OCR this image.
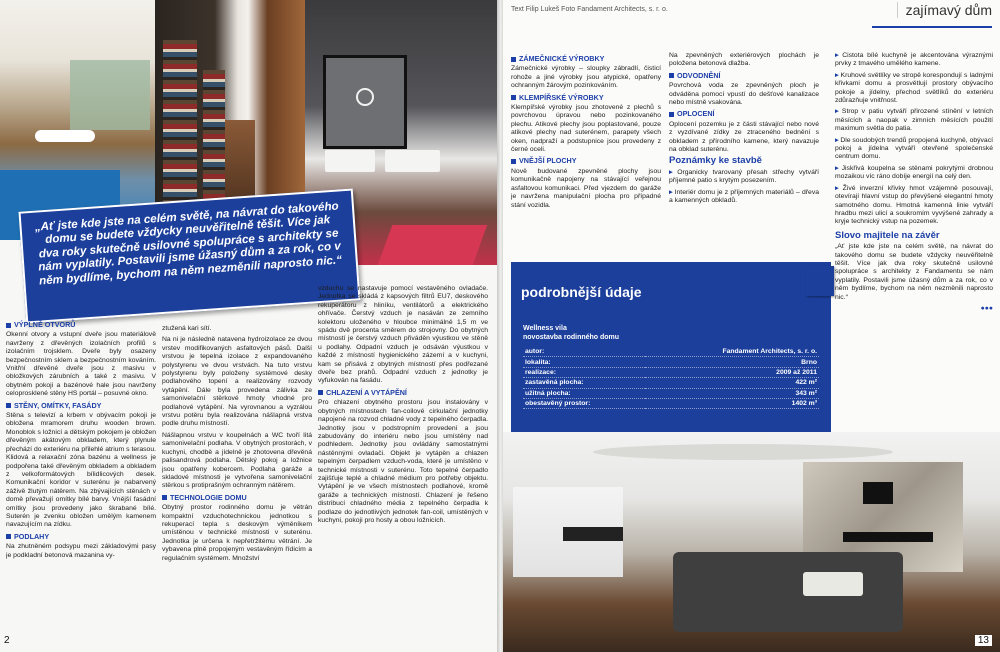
„Ať jste kde jste na celém světě, na návrat do takového domu se budete vždycky neuvěřitelně těšit. Více jak dva roky skutečně usilovné spolupráce s architekty se nám vyplatily. Postavili jsme úžasný dům a za rok, co v něm bydlíme, bychom na něm nezměnili naprosto nic.“
VÝPLNĚ OTVORŮ

Okenní otvory a vstupní dveře jsou materiálově navrženy z dřevěných izolačních profilů s izolačním trojsklem. Dveře byly osazeny bezpečnostním sklem a bezpečnostním kováním. Vnitřní dřevěné dveře jsou z masivu v obložkových zárubních a také z masivu. V obytném pokoji a bazénové hale jsou navrženy celoprosklené stěny HS portál – posuvné okno.

STĚNY, OMÍTKY, FASÁDY

Stěna s televizí a krbem v obývacím pokoji je obložena mramorem druhu wooden brown. Monoblok s ložnicí a dětským pokojem je obložen dřevěným akátovým obkladem, který plynule přechází do exteriéru na přilehlé atrium s terasou. Klidová a relaxační zóna bazénu a wellness je podpořena také dřevěným obkladem a obkladem z velkoformátových bílidlicových desek. Komunikační koridor v suterénu je nabarvený záživě žlutým nátěrem. Na zbývajících stěnách v domě převažují omítky bílé barvy. Vnější fasádní omítky jsou provedeny jako škrabané bílé. Suterén je zvenku obložen umělým kamenem navazujícím na zídku.

PODLAHY

Na zhutněném podsypu mezi základovými pasy je podkladní betonová mazanina vy-

ztužená kari sítí.

Na ni je následně natavena hydroizolace ze dvou vrstev modifikovaných asfaltových pásů. Další vrstvou je tepelná izolace z expandovaného polystyrenu ve dvou vrstvách. Na tuto vrstvu polystyrenu byly položeny systémové desky podlahového topení a realizovány rozvody vytápění. Dále byla provedena zálivka ze samonivelační stěrkové hmoty vhodné pro podlahové vytápění. Na vyrovnanou a vyzrálou vrstvu potěru byla realizována nášlapná vrstva podle druhu místností.

Nášlapnou vrstvu v koupelnách a WC tvoří litá samonivelační podlaha. V obytných prostorách, v kuchyni, chodbě a jídelně je zhotovena dřevěná palisandrová podlaha. Dětský pokoj a ložnice jsou opatřeny kobercem. Podlaha garáže a skladové místnosti je vytvořena samonivelační stěrkou s protiprašným ochranným nátěrem.

TECHNOLOGIE DOMU

Obytný prostor rodinného domu je větrán kompaktní vzduchotechnickou jednotkou s rekuperací tepla s deskovým výměníkem umístěnou v technické místnosti v suterénu. Jednotka je určena k nepřetržitému větrání. Je vybavena plně propojeným vestavěným řídicím a regulačním systémem. Množství

vzduchu se nastavuje pomocí vestavěného ovladače. Jednotka se skládá z kapsových filtrů EU7, deskového rekuperátoru z hliníku, ventilátorů a elektrického ohřívače. Čerstvý vzduch je nasáván ze zemního kolektoru uloženého v hloubce minimálně 1,5 m ve spádu dvě procenta směrem do strojovny. Do obytných místností je čerstvý vzduch přiváděn výustkou ve stěně u podlahy. Odpadní vzduch je odsáván výustkou v každé z místností hygienického zázemí a v kuchyni, kam se přisává z obytných místností přes podřezané dveře bez prahů. Odpadní vzduch z jednotky je vyfukován na fasádu.

CHLAZENÍ A VYTÁPĚNÍ

Pro chlazení obytného prostoru jsou instalovány v obytných místnostech fan-coilové cirkulační jednotky napojené na rozvod chladné vody z tepelného čerpadla. Jednotky jsou v podstropním provedení a jsou zabudovány do interiéru nebo jsou umístěny nad podhledem. Jednotky jsou ovládány samostatnými nástěnnými ovladači. Objekt je vytápěn a chlazen tepelným čerpadlem vzduch-voda, které je umístěno v technické místnosti v suterénu. Toto tepelné čerpadlo zajišťuje teplé a chladné médium pro potřeby objektu. Vytápění je ve všech místnostech podlahové, kromě garáže a technických místností. Chlazení je řešeno distribucí chladného média z tepelného čerpadla k podlaze do jednotlivých jednotek fan-coil, umístěných v kuchyni, pokoji pro hosty a obou ložnicích.

2
Text Filip Lukeš Foto Fandament Architects, s. r. o.	zajímavý dům
ZÁMEČNICKÉ VÝROBKY

Zámečnické výrobky – sloupky zábradlí, čisticí rohože a jiné výrobky jsou atypické, opatřeny ochranným žárovým pozinkováním.

KLEMPÍŘSKÉ VÝROBKY

Klempířské výrobky jsou zhotovené z plechů s povrchovou úpravou nebo pozinkovaného plechu. Atikové plechy jsou poplastované, pouze atikové plechy nad suterénem, parapety všech oken, nadpraží a podstupnice jsou provedeny z černé oceli.

VNĚJŠÍ PLOCHY

Nově budované zpevněné plochy jsou komunikačně napojeny na stávající veřejnou asfaltovou komunikaci. Před vjezdem do garáže je navržena manipulační plocha pro případné stání vozidla.

Na zpevněných exteriérových plochách je položena betonová dlažba.

ODVODNĚNÍ

Povrchová voda ze zpevněných ploch je odváděna pomocí vpustí do dešťové kanalizace nebo místně vsakována.

OPLOCENÍ

Oplocení pozemku je z části stávající nebo nové z vyzdívané zídky ze ztraceného bednění s obkladem z přírodního kamene, který navazuje na obklad suterénu.

Poznámky ke stavbě

▸ Organicky tvarovaný přesah střechy vytváří příjemné patio s krytým posezením.

▸ Interiér domu je z příjemných materiálů – dřeva a kamenných obkladů.

▸ Čistota bílé kuchyně je akcentována výraznými prvky z tmavého umělého kamene.

▸ Kruhové světlíky ve stropě korespondují s ladnými křivkami domu a prosvětlují prostory obývacího pokoje a jídelny, přechod světlíků do exteriéru zdůrazňuje vnitřnost.

▸ Strop v patiu vytváří přirozené stínění v letních měsících a naopak v zimních měsících použití maximum světla do patia.

▸ Dle soudobých trendů propojená kuchyně, obývací pokoj a jídelna vytváří otevřené společenské centrum domu.

▸ Jiskřivá koupelna se stěnami pokrytými drobnou mozaikou víc ráno dobíje energií na celý den.

▸ Živé inverzní křivky hmot vzájemně posouvají, otevírají hlavní vstup do převýšené elegantní hmoty samotného domu. Hmotná kamenná linie vytváří hradbu mezi ulicí a soukromím vyvýšené zahrady a kryje technický vstup na pozemek.

Slovo majitele na závěr

„Ať jste kde jste na celém světě, na návrat do takového domu se budete vždycky neuvěřitelně těšit. Více jak dva roky skutečně usilovné spolupráce s architekty z Fandamentu se nám vyplatily. Postavili jsme úžasný dům a za rok, co v něm bydlíme, bychom na něm nezměnili naprosto nic.“

●●●
podrobnější údaje
Wellness vila
novostavba rodinného domu
autor:	Fandament Architects, s. r. o.
lokalita:	Brno
realizace:	2009 až 2011
zastavěná plocha:	422 m²
užitná plocha:	343 m²
obestavěný prostor:	1402 m³
13
